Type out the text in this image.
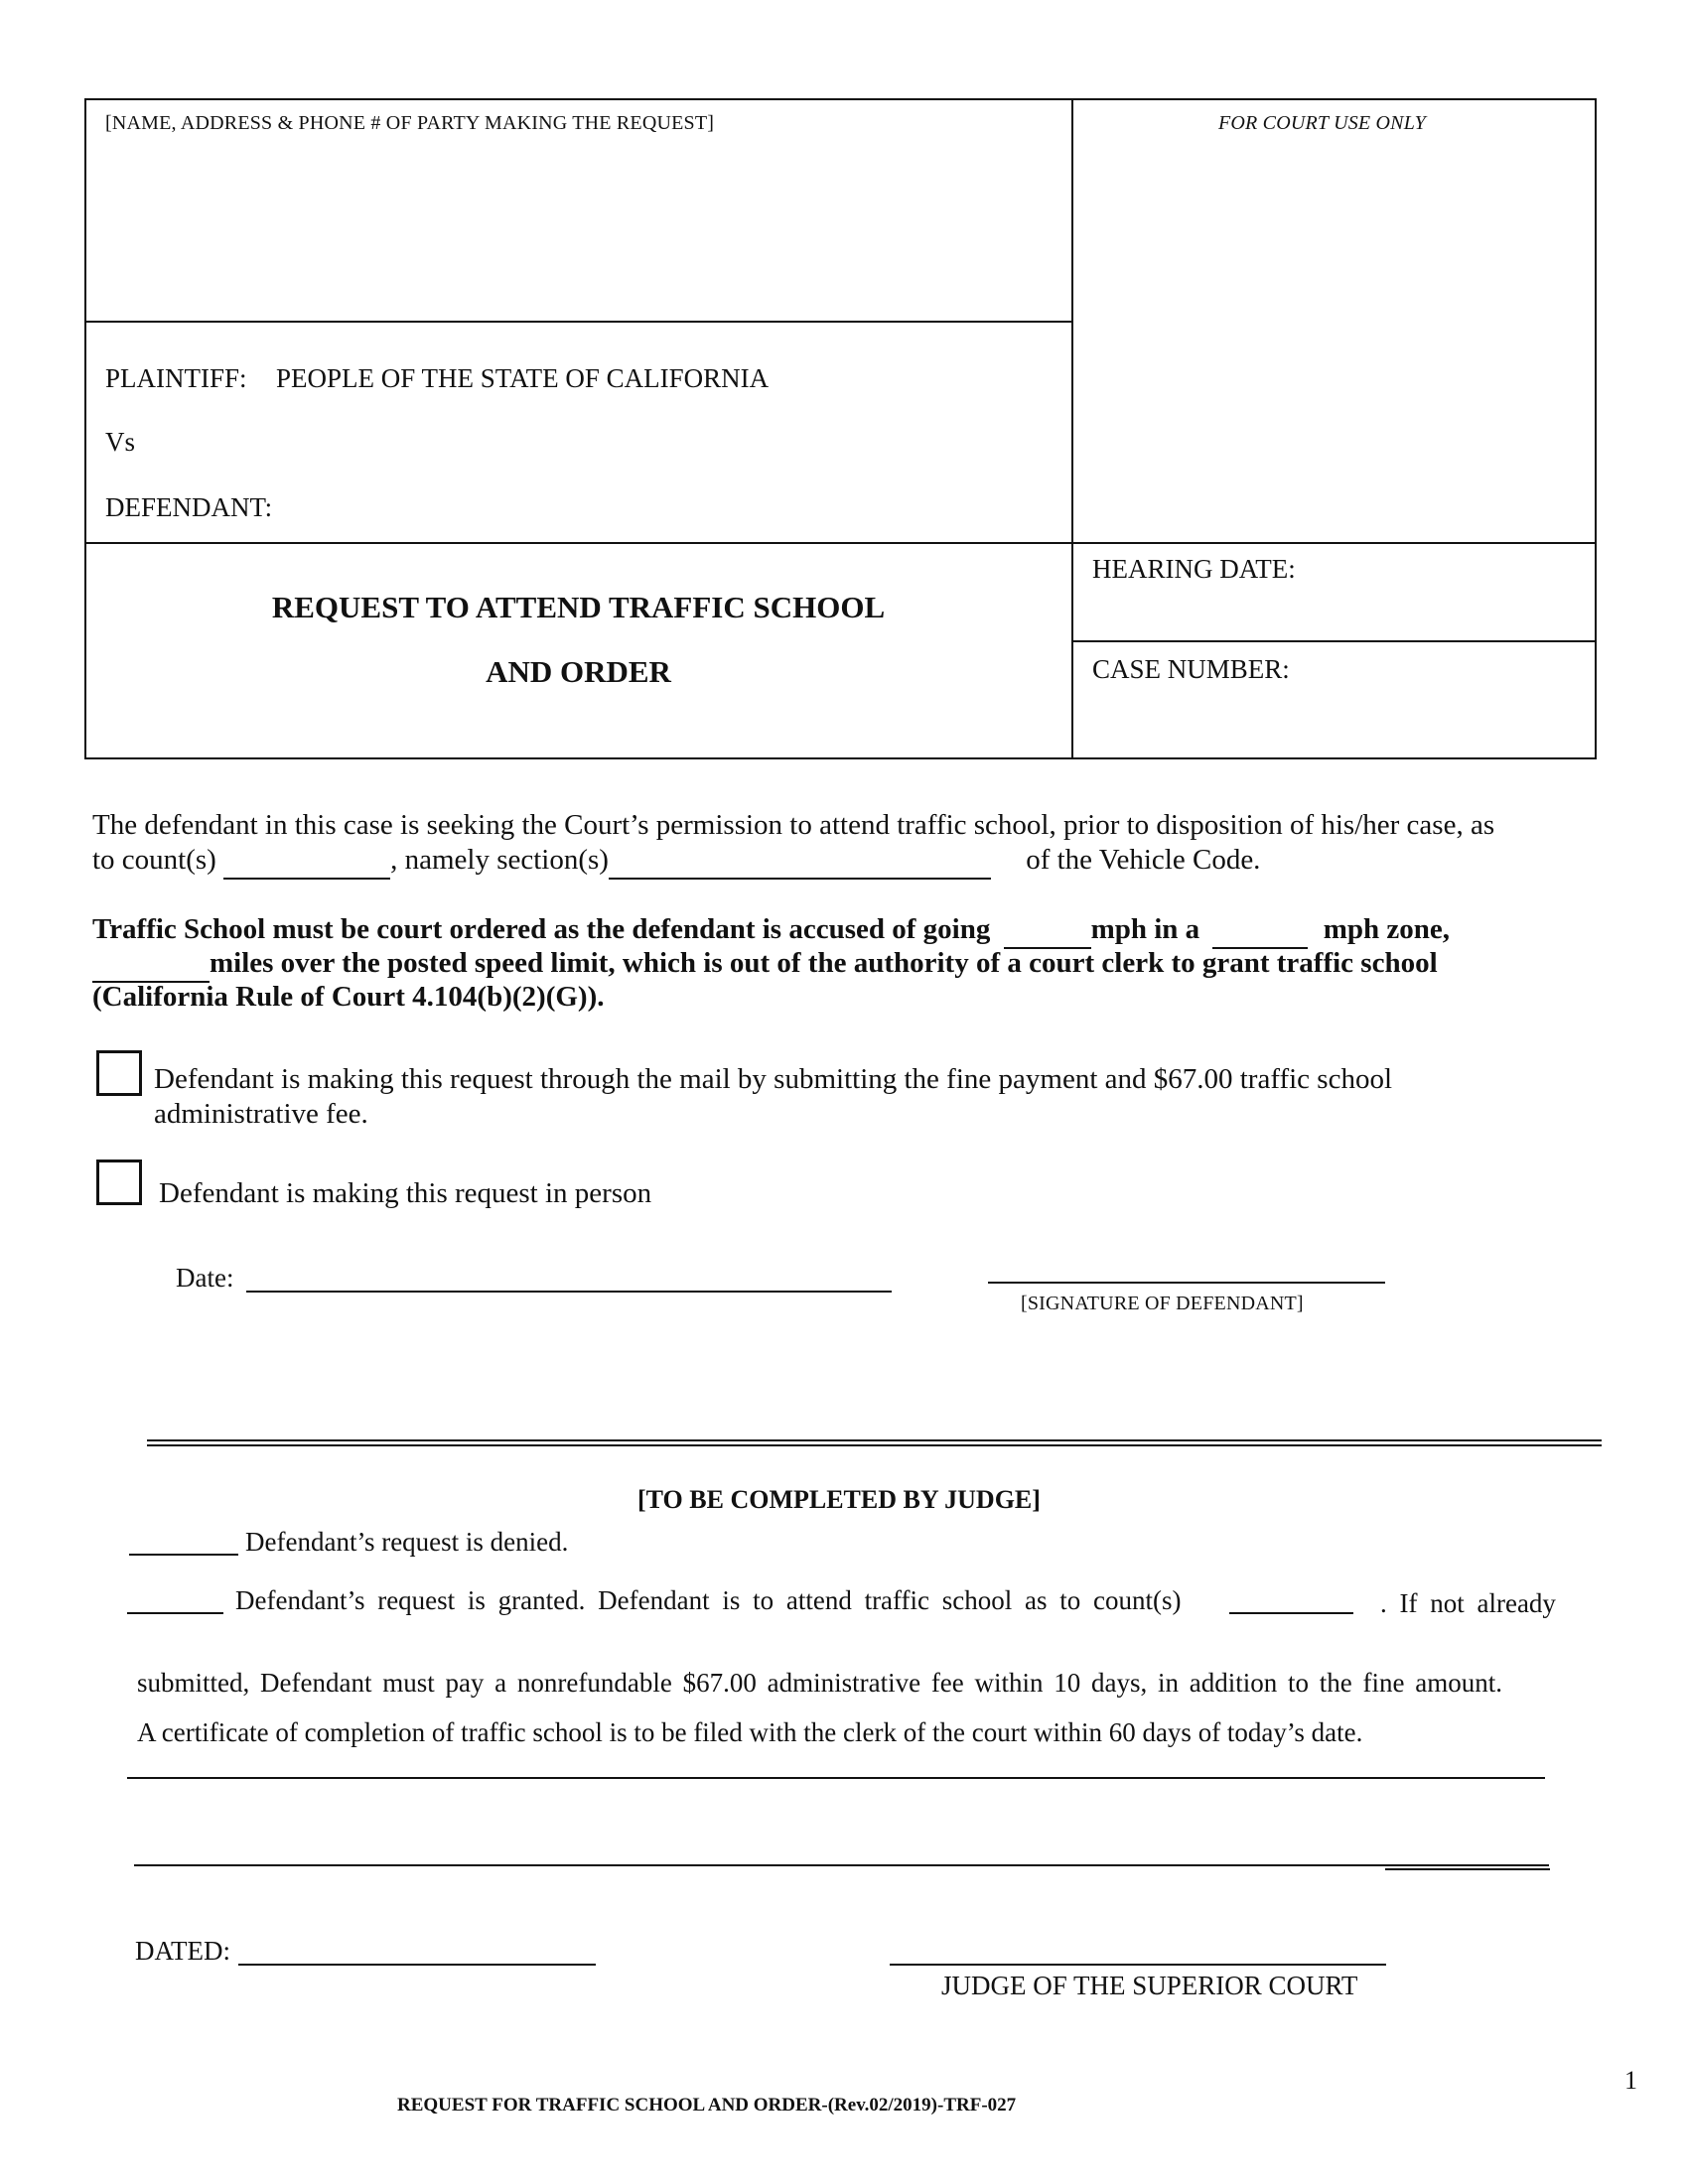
[NAME, ADDRESS & PHONE # OF PARTY MAKING THE REQUEST]	FOR COURT USE ONLY
PLAINTIFF: PEOPLE OF THE STATE OF CALIFORNIA
Vs
DEFENDANT:
REQUEST TO ATTEND TRAFFIC SCHOOL
AND ORDER
HEARING DATE:
CASE NUMBER:
The defendant in this case is seeking the Court’s permission to attend traffic school, prior to disposition of his/her case, as
to count(s)	, namely section(s)	of the Vehicle Code.
Traffic School must be court ordered as the defendant is accused of going	mph in a	mph zone,
miles over the posted speed limit, which is out of the authority of a court clerk to grant traffic school
(California Rule of Court 4.104(b)(2)(G)).
Defendant is making this request through the mail by submitting the fine payment and $67.00 traffic school
administrative fee.
Defendant is making this request in person
Date:
[SIGNATURE OF DEFENDANT]
[TO BE COMPLETED BY JUDGE]
Defendant’s request is denied.
Defendant’s request is granted. Defendant is to attend traffic school as to count(s)	. If not already
submitted, Defendant must pay a nonrefundable $67.00 administrative fee within 10 days, in addition to the fine amount.
A certificate of completion of traffic school is to be filed with the clerk of the court within 60 days of today’s date.
DATED:
JUDGE OF THE SUPERIOR COURT
1
REQUEST FOR TRAFFIC SCHOOL AND ORDER-(Rev.02/2019)-TRF-027
